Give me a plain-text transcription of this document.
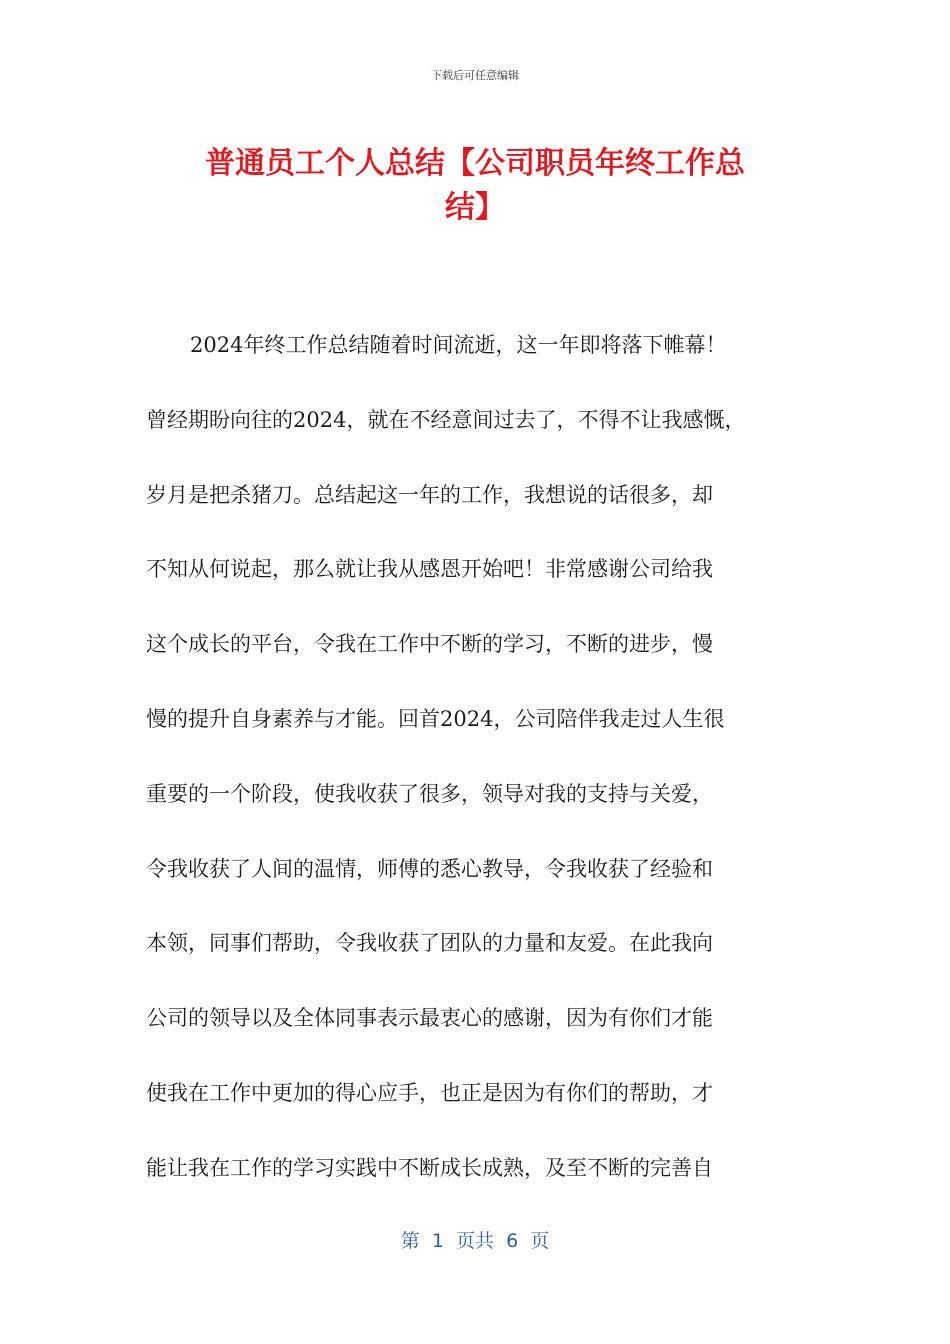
下载后可任意编辑
普通员工个人总结【公司职员年终工作总
结】
2024年终工作总结随着时间流逝，这一年即将落下帷幕！
曾经期盼向往的2024，就在不经意间过去了，不得不让我感慨，
岁月是把杀猪刀。总结起这一年的工作，我想说的话很多，却
不知从何说起，那么就让我从感恩开始吧！非常感谢公司给我
这个成长的平台，令我在工作中不断的学习，不断的进步，慢
慢的提升自身素养与才能。回首2024，公司陪伴我走过人生很
重要的一个阶段，使我收获了很多，领导对我的支持与关爱，
令我收获了人间的温情，师傅的悉心教导，令我收获了经验和
本领，同事们帮助，令我收获了团队的力量和友爱。在此我向
公司的领导以及全体同事表示最衷心的感谢，因为有你们才能
使我在工作中更加的得心应手，也正是因为有你们的帮助，才
能让我在工作的学习实践中不断成长成熟，及至不断的完善自
第  1  页共  6  页
